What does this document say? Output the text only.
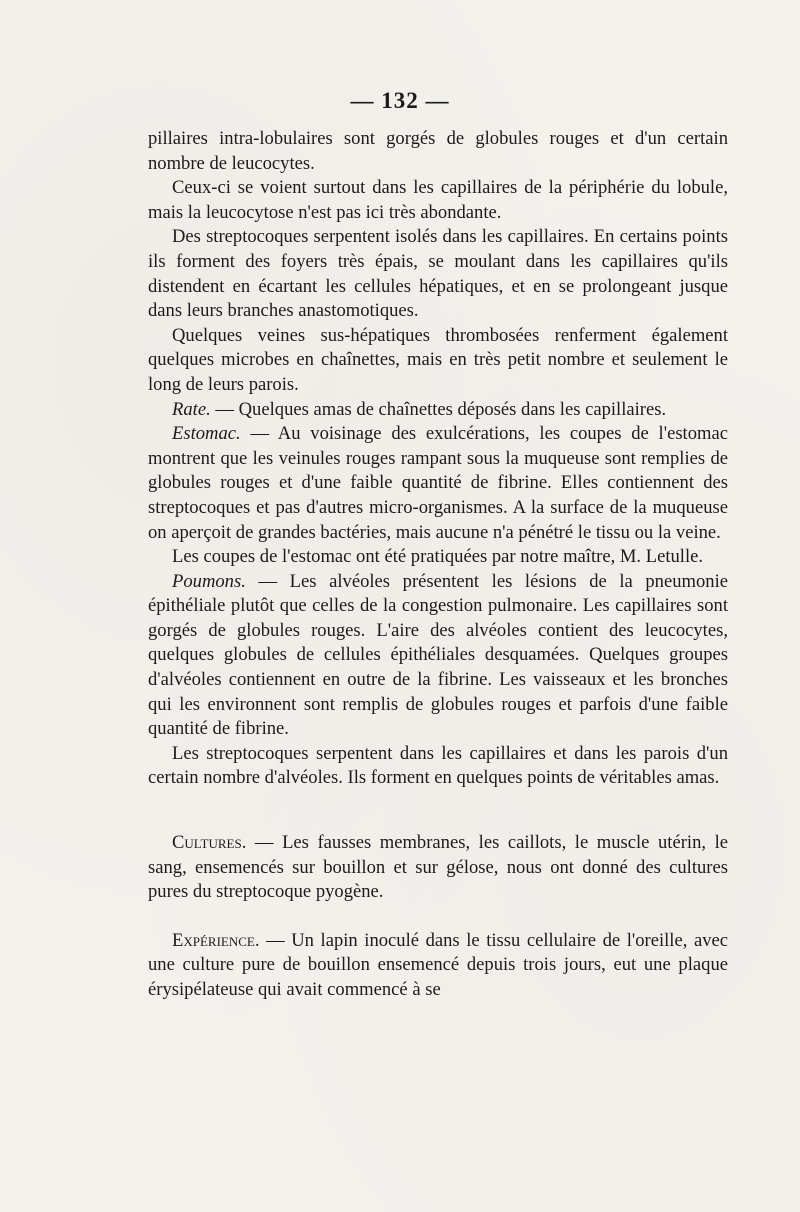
— 132 —

pillaires intra-lobulaires sont gorgés de globules rouges et d'un certain nombre de leucocytes.

Ceux-ci se voient surtout dans les capillaires de la périphérie du lobule, mais la leucocytose n'est pas ici très abondante.

Des streptocoques serpentent isolés dans les capillaires. En certains points ils forment des foyers très épais, se moulant dans les capillaires qu'ils distendent en écartant les cellules hépatiques, et en se prolongeant jusque dans leurs branches anastomotiques.

Quelques veines sus-hépatiques thrombosées renferment également quelques microbes en chaînettes, mais en très petit nombre et seulement le long de leurs parois.

Rate. — Quelques amas de chaînettes déposés dans les capillaires.

Estomac. — Au voisinage des exulcérations, les coupes de l'estomac montrent que les veinules rouges rampant sous la muqueuse sont remplies de globules rouges et d'une faible quantité de fibrine. Elles contiennent des streptocoques et pas d'autres micro-organismes. A la surface de la muqueuse on aperçoit de grandes bactéries, mais aucune n'a pénétré le tissu ou la veine.

Les coupes de l'estomac ont été pratiquées par notre maître, M. Letulle.

Poumons. — Les alvéoles présentent les lésions de la pneumonie épithéliale plutôt que celles de la congestion pulmonaire. Les capillaires sont gorgés de globules rouges. L'aire des alvéoles contient des leucocytes, quelques globules de cellules épithéliales desquamées. Quelques groupes d'alvéoles contiennent en outre de la fibrine. Les vaisseaux et les bronches qui les environnent sont remplis de globules rouges et parfois d'une faible quantité de fibrine.

Les streptocoques serpentent dans les capillaires et dans les parois d'un certain nombre d'alvéoles. Ils forment en quelques points de véritables amas.

Cultures. — Les fausses membranes, les caillots, le muscle utérin, le sang, ensemencés sur bouillon et sur gélose, nous ont donné des cultures pures du streptocoque pyogène.

Expérience. — Un lapin inoculé dans le tissu cellulaire de l'oreille, avec une culture pure de bouillon ensemencé depuis trois jours, eut une plaque érysipélateuse qui avait commencé à se
